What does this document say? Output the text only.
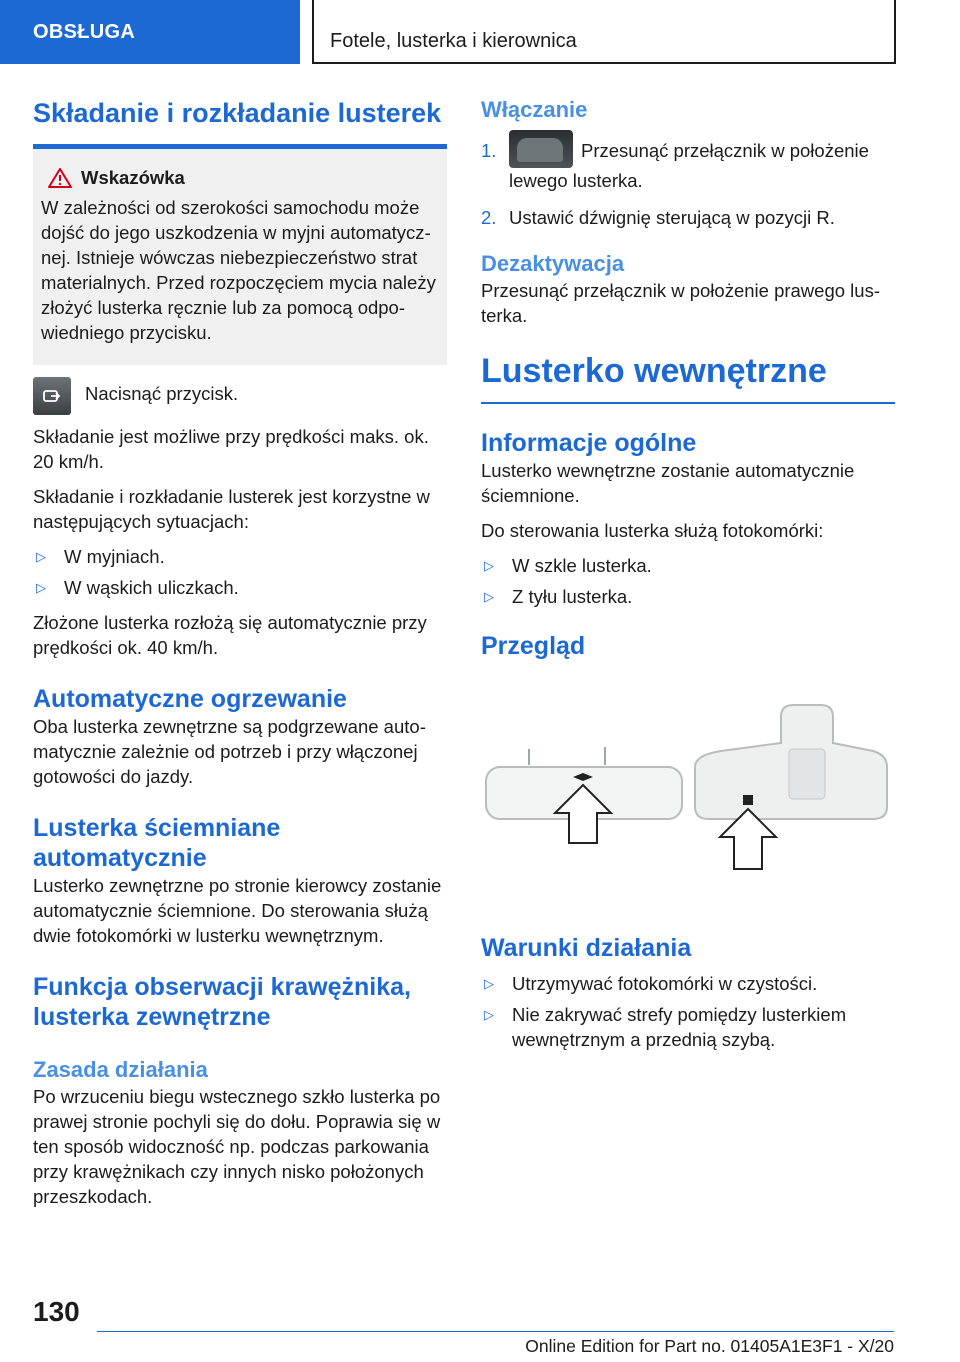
OBSŁUGA	Fotele, lusterka i kierownica
Składanie i rozkładanie lusterek
Wskazówka

W zależności od szerokości samochodu może dojść do jego uszkodzenia w myjni automatycznej. Istnieje wówczas niebezpieczeństwo strat materialnych. Przed rozpoczęciem mycia należy złożyć lusterka ręcznie lub za pomocą odpowiedniego przycisku.

Nacisnąć przycisk.

Składanie jest możliwe przy prędkości maks. ok. 20 km/h.

Składanie i rozkładanie lusterek jest korzystne w następujących sytuacjach:

▷ W myjniach.
▷ W wąskich uliczkach.

Złożone lusterka rozłożą się automatycznie przy prędkości ok. 40 km/h.

Automatyczne ogrzewanie

Oba lusterka zewnętrzne są podgrzewane automatycznie zależnie od potrzeb i przy włączonej gotowości do jazdy.

Lusterka ściemniane automatycznie

Lusterko zewnętrzne po stronie kierowcy zostanie automatycznie ściemnione. Do sterowania służą dwie fotokomórki w lusterku wewnętrznym.

Funkcja obserwacji krawężnika, lusterka zewnętrzne
Zasada działania

Po wrzuceniu biegu wstecznego szkło lusterka po prawej stronie pochyli się do dołu. Poprawia się w ten sposób widoczność np. podczas parkowania przy krawężnikach czy innych nisko położonych przeszkodach.

Włączanie
1.	Przesunąć przełącznik w położenie lewego lusterka.
2. Ustawić dźwignię sterującą w pozycji R.
Dezaktywacja

Przesunąć przełącznik w położenie prawego lusterka.

Lusterko wewnętrzne
Informacje ogólne

Lusterko wewnętrzne zostanie automatycznie ściemnione.

Do sterowania lusterka służą fotokomórki:

▷ W szkle lusterka.
▷ Z tyłu lusterka.
Przegląd
Warunki działania
▷ Utrzymywać fotokomórki w czystości.
▷ Nie zakrywać strefy pomiędzy lusterkiem wewnętrznym a przednią szybą.
130
Online Edition for Part no. 01405A1E3F1 - X/20
